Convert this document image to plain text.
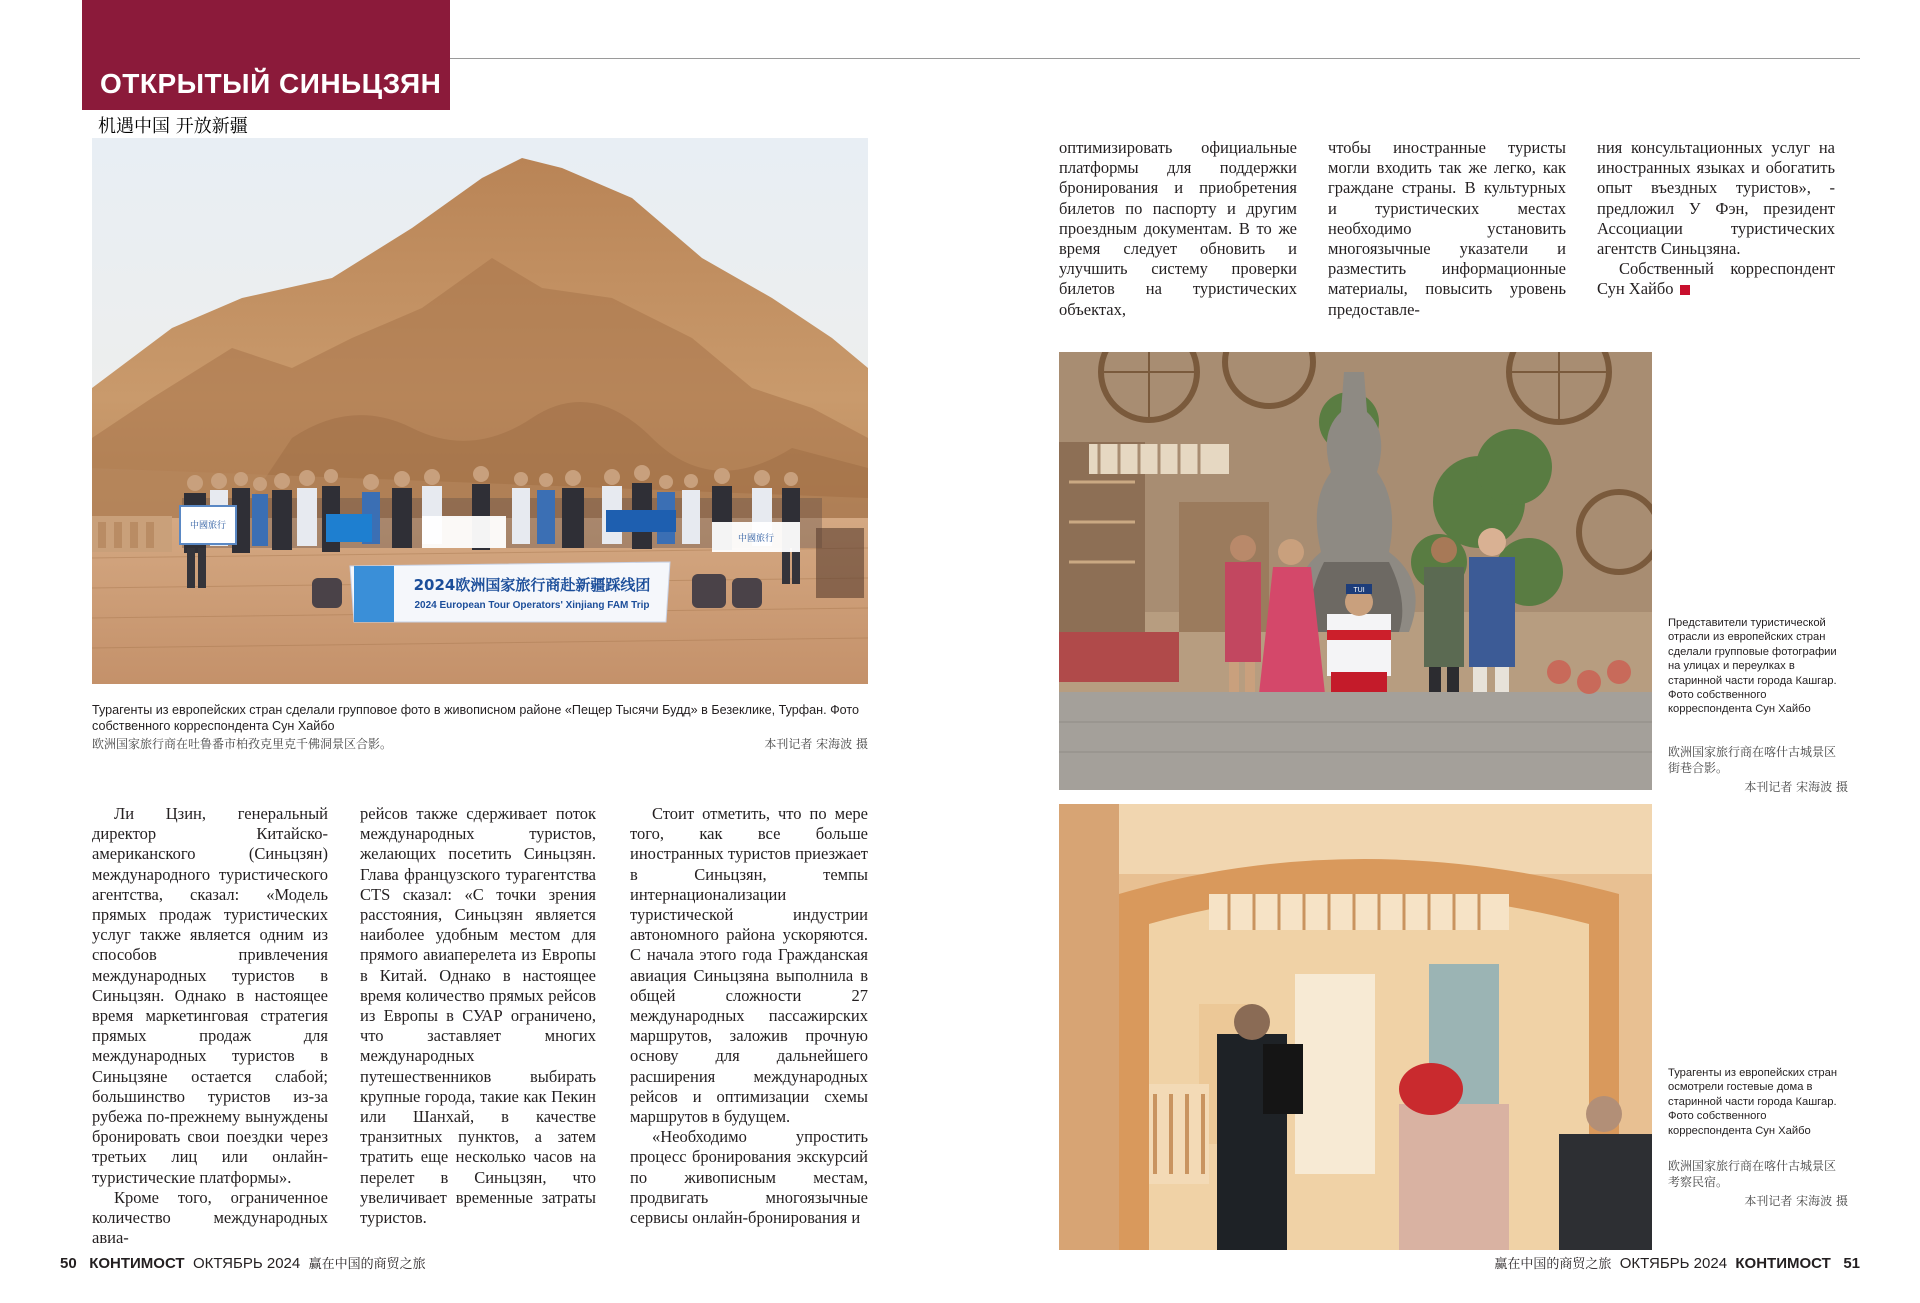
ОТКРЫТЫЙ СИНЬЦЗЯН
机遇中国 开放新疆
中國旅行
中國旅行
2024欧洲国家旅行商赴新疆踩线团
2024 European Tour Operators' Xinjiang FAM Trip
Турагенты из европейских стран сделали групповое фото в живописном районе «Пещер Тысячи Будд» в Безеклике, Турфан. Фото собственного корреспондента Сун Хайбо
欧洲国家旅行商在吐鲁番市柏孜克里克千佛洞景区合影。	本刊记者 宋海波 摄

Ли Цзин, генеральный директор Китайско-американского (Синьцзян) международного туристического агентства, сказал: «Модель прямых продаж туристических услуг также является одним из способов привлечения международных туристов в Синьцзян. Однако в настоящее время маркетинговая стратегия прямых продаж для международных туристов в Синьцзяне остается слабой; большинство туристов из-за рубежа по-прежнему вынуждены бронировать свои поездки через третьих лиц или онлайн-туристические платформы».

Кроме того, ограниченное количество международных авиа-

рейсов также сдерживает поток международных туристов, желающих посетить Синьцзян. Глава французского турагентства CTS сказал: «С точки зрения расстояния, Синьцзян является наиболее удобным местом для прямого авиаперелета из Европы в Китай. Однако в настоящее время количество прямых рейсов из Европы в СУАР ограничено, что заставляет многих международных путешественников выбирать крупные города, такие как Пекин или Шанхай, в качестве транзитных пунктов, а затем тратить еще несколько часов на перелет в Синьцзян, что увеличивает временные затраты туристов.

Стоит отметить, что по мере того, как все больше иностранных туристов приезжает в Синьцзян, темпы интернационализации туристической индустрии автономного района ускоряются. С начала этого года Гражданская авиация Синьцзяна выполнила в общей сложности 27 международных пассажирских маршрутов, заложив прочную основу для дальнейшего расширения международных рейсов и оптимизации схемы маршрутов в будущем.

«Необходимо упростить процесс бронирования экскурсий по живописным местам, продвигать многоязычные сервисы онлайн-бронирования и

оптимизировать официальные платформы для поддержки бронирования и приобретения билетов по паспорту и другим проездным документам. В то же время следует обновить и улучшить систему проверки билетов на туристических объектах,

чтобы иностранные туристы могли входить так же легко, как граждане страны. В культурных и туристических местах необходимо установить многоязычные указатели и разместить информационные материалы, повысить уровень предоставле-

ния консультационных услуг на иностранных языках и обогатить опыт въездных туристов», - предложил У Фэн, президент Ассоциации туристических агентств Синьцзяна.

Собственный корреспондент Сун Хайбо

TUI
Представители туристической отрасли из европейских стран сделали групповые фотографии на улицах и переулках в старинной части города Кашгар. Фото собственного корреспондента Сун Хайбо
欧洲国家旅行商在喀什古城景区街巷合影。
本刊记者 宋海波 摄
Турагенты из европейских стран осмотрели гостевые дома в старинной части города Кашгар. Фото собственного корреспондента Сун Хайбо
欧洲国家旅行商在喀什古城景区考察民宿。
本刊记者 宋海波 摄
50 КОНТИМОСТ ОКТЯБРЬ 2024 赢在中国的商贸之旅	赢在中国的商贸之旅 ОКТЯБРЬ 2024 КОНТИМОСТ 51
